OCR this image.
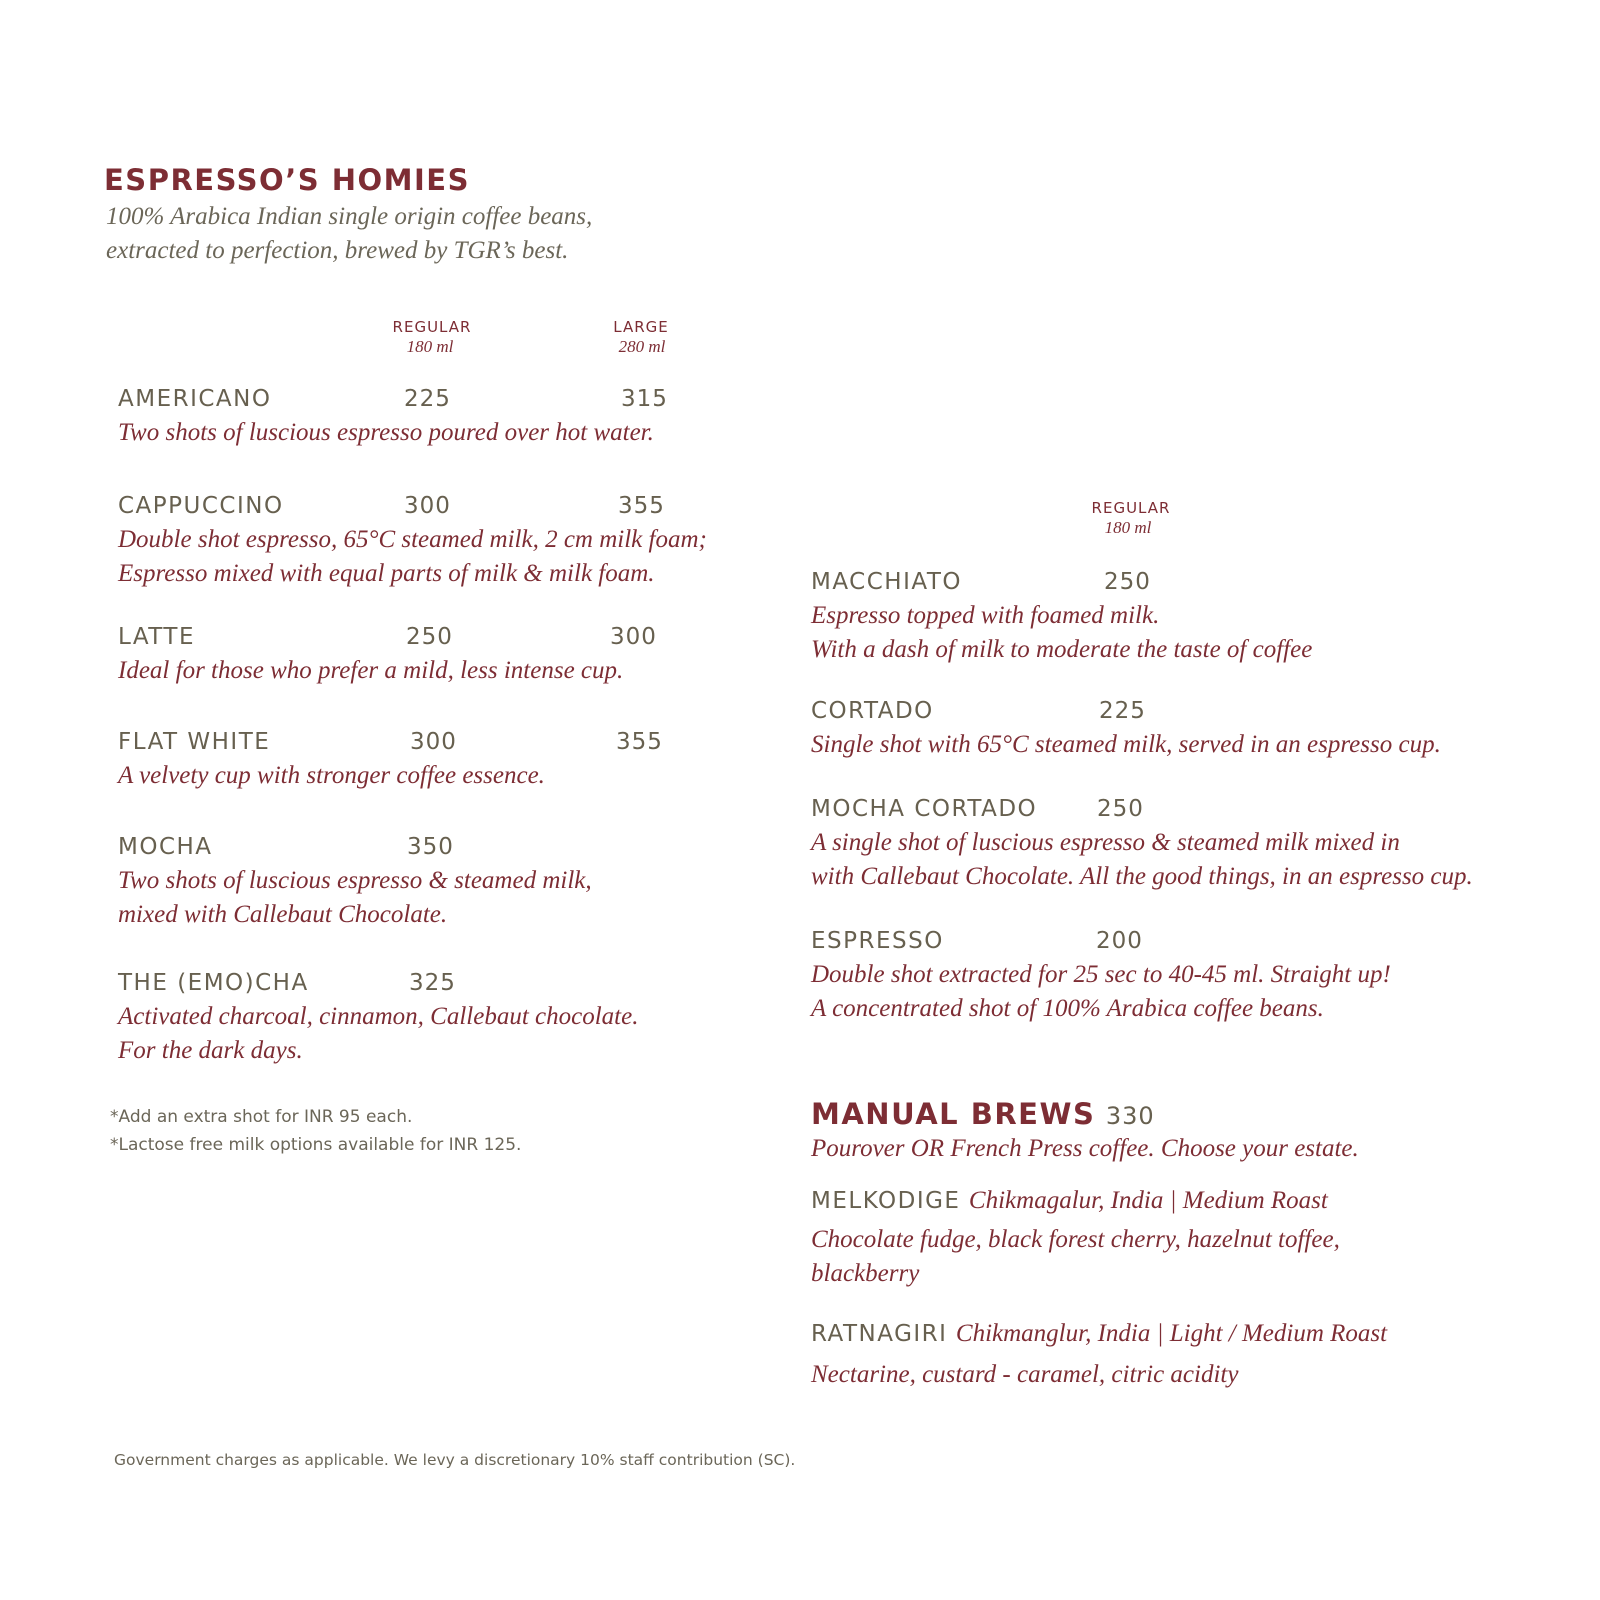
ESPRESSO’S HOMIES
100% Arabica Indian single origin coffee beans,
extracted to perfection, brewed by TGR’s best.
REGULAR
180 ml
LARGE
280 ml
AMERICANO	225	315
Two shots of luscious espresso poured over hot water.
CAPPUCCINO	300	355
Double shot espresso, 65°C steamed milk, 2 cm milk foam;
Espresso mixed with equal parts of milk & milk foam.
LATTE	250	300
Ideal for those who prefer a mild, less intense cup.
FLAT WHITE	300	355
A velvety cup with stronger coffee essence.
MOCHA	350
Two shots of luscious espresso & steamed milk,
mixed with Callebaut Chocolate.
THE (EMO)CHA	325
Activated charcoal, cinnamon, Callebaut chocolate.
For the dark days.
*Add an extra shot for INR 95 each.
*Lactose free milk options available for INR 125.
REGULAR
180 ml
MACCHIATO	250
Espresso topped with foamed milk.
With a dash of milk to moderate the taste of coffee
CORTADO	225
Single shot with 65°C steamed milk, served in an espresso cup.
MOCHA CORTADO	250
A single shot of luscious espresso & steamed milk mixed in
with Callebaut Chocolate. All the good things, in an espresso cup.
ESPRESSO	200
Double shot extracted for 25 sec to 40-45 ml. Straight up!
A concentrated shot of 100% Arabica coffee beans.
MANUAL BREWS 330
Pourover OR French Press coffee. Choose your estate.
MELKODIGE Chikmagalur, India | Medium Roast
Chocolate fudge, black forest cherry, hazelnut toffee,
blackberry
RATNAGIRI Chikmanglur, India | Light / Medium Roast
Nectarine, custard - caramel, citric acidity
Government charges as applicable. We levy a discretionary 10% staff contribution (SC).
